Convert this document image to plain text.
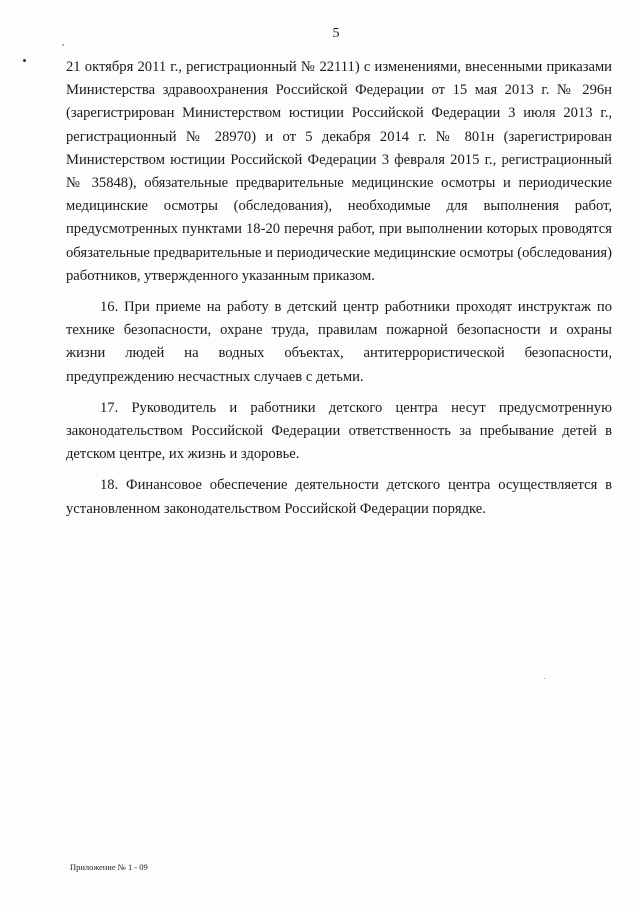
5

21 октября 2011 г., регистрационный № 22111) с изменениями, внесенными приказами Министерства здравоохранения Российской Федерации от 15 мая 2013 г. № 296н (зарегистрирован Министерством юстиции Российской Федерации 3 июля 2013 г., регистрационный № 28970) и от 5 декабря 2014 г. № 801н (зарегистрирован Министерством юстиции Российской Федерации 3 февраля 2015 г., регистрационный № 35848), обязательные предварительные медицинские осмотры и периодические медицинские осмотры (обследования), необходимые для выполнения работ, предусмотренных пунктами 18-20 перечня работ, при выполнении которых проводятся обязательные предварительные и периодические медицинские осмотры (обследования) работников, утвержденного указанным приказом.

16. При приеме на работу в детский центр работники проходят инструктаж по технике безопасности, охране труда, правилам пожарной безопасности и охраны жизни людей на водных объектах, антитеррористической безопасности, предупреждению несчастных случаев с детьми.

17. Руководитель и работники детского центра несут предусмотренную законодательством Российской Федерации ответственность за пребывание детей в детском центре, их жизнь и здоровье.

18. Финансовое обеспечение деятельности детского центра осуществляется в установленном законодательством Российской Федерации порядке.

Приложение № 1 - 09
